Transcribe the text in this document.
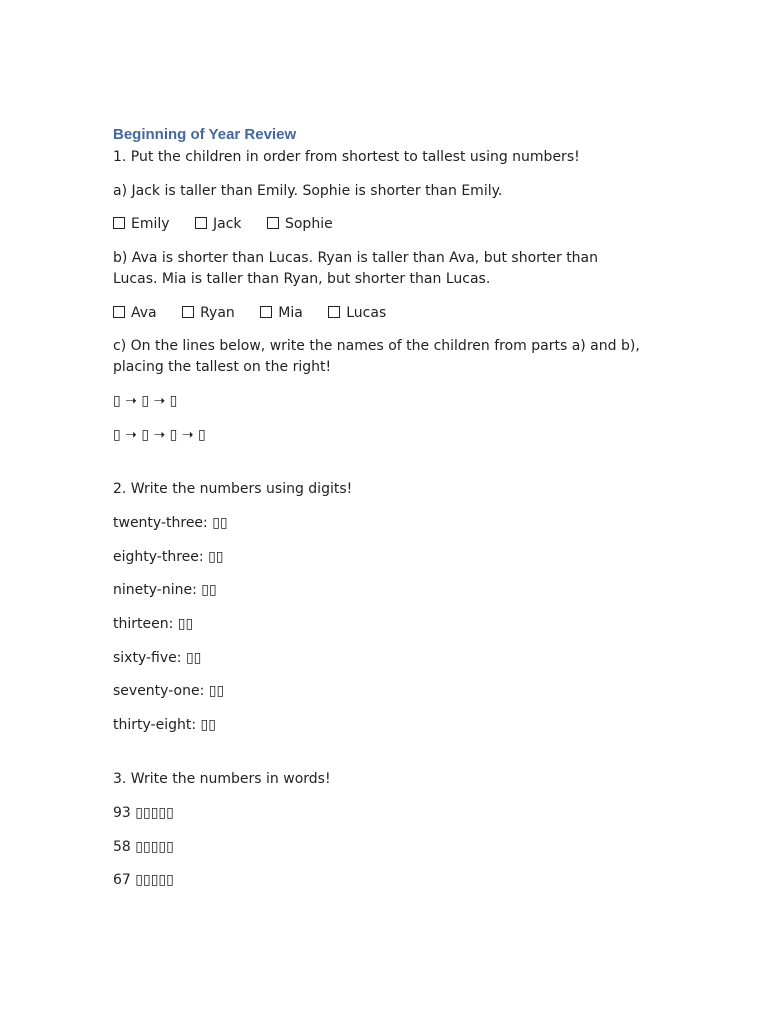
Beginning of Year Review

1. Put the children in order from shortest to tallest using numbers!

a) Jack is taller than Emily. Sophie is shorter than Emily.

Emily	Jack	Sophie

b) Ava is shorter than Lucas. Ryan is taller than Ava, but shorter than Lucas. Mia is taller than Ryan, but shorter than Lucas.

Ava	Ryan	Mia	Lucas

c) On the lines below, write the names of the children from parts a) and b), placing the tallest on the right!

▯ ➝ ▯ ➝ ▯

▯ ➝ ▯ ➝ ▯ ➝ ▯

2. Write the numbers using digits!

twenty-three: ▯▯

eighty-three: ▯▯

ninety-nine: ▯▯

thirteen: ▯▯

sixty-five: ▯▯

seventy-one: ▯▯

thirty-eight: ▯▯

3. Write the numbers in words!

93 ▯▯▯▯▯

58 ▯▯▯▯▯

67 ▯▯▯▯▯
